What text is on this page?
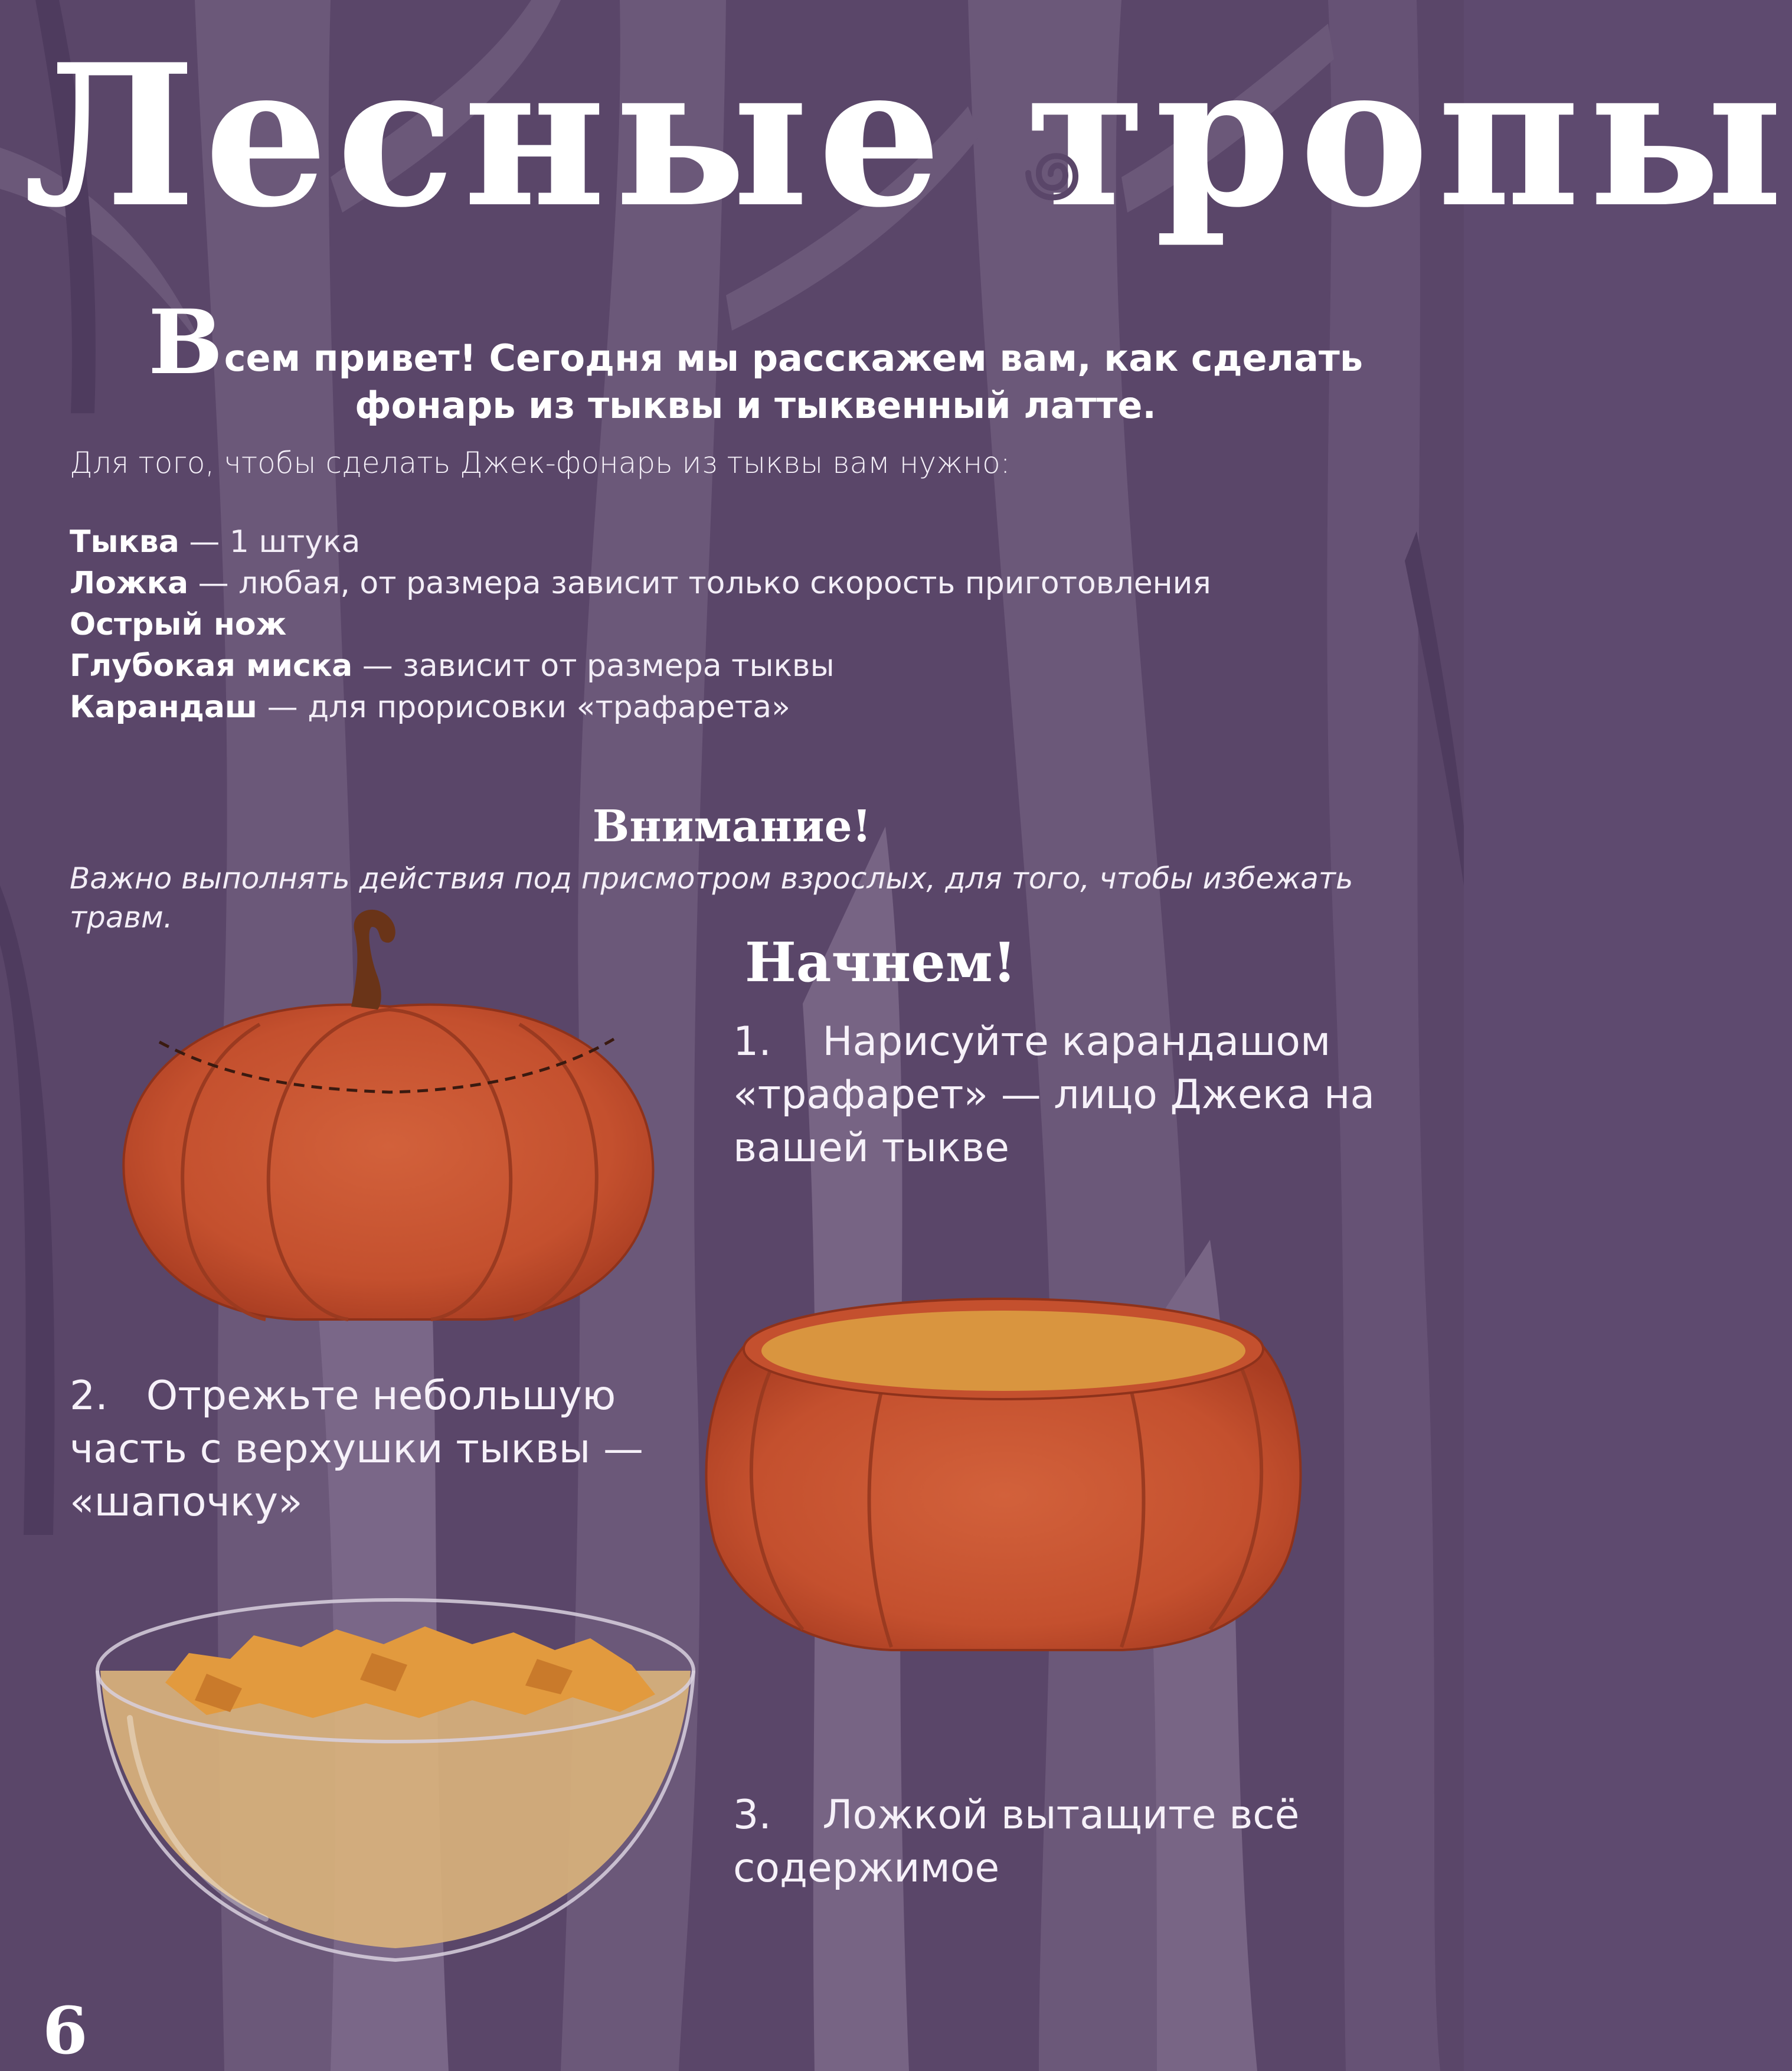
Лесные тропы
Всем привет! Сегодня мы расскажем вам, как сделать фонарь из тыквы и тыквенный латте.
Для того, чтобы сделать Джек-фонарь из тыквы вам нужно:
Тыква — 1 штука
Ложка — любая, от размера зависит только скорость приготовления
Острый нож
Глубокая миска — зависит от размера тыквы
Карандаш — для прорисовки «трафарета»
Внимание!
Важно выполнять действия под присмотром взрослых, для того, чтобы избежать травм.
Начнем!
1. Нарисуйте карандашом «трафарет» — лицо Джека на вашей тыкве
2. Отрежьте небольшую часть с верхушки тыквы — «шапочку»
3. Ложкой вытащите всё содержимое
6
